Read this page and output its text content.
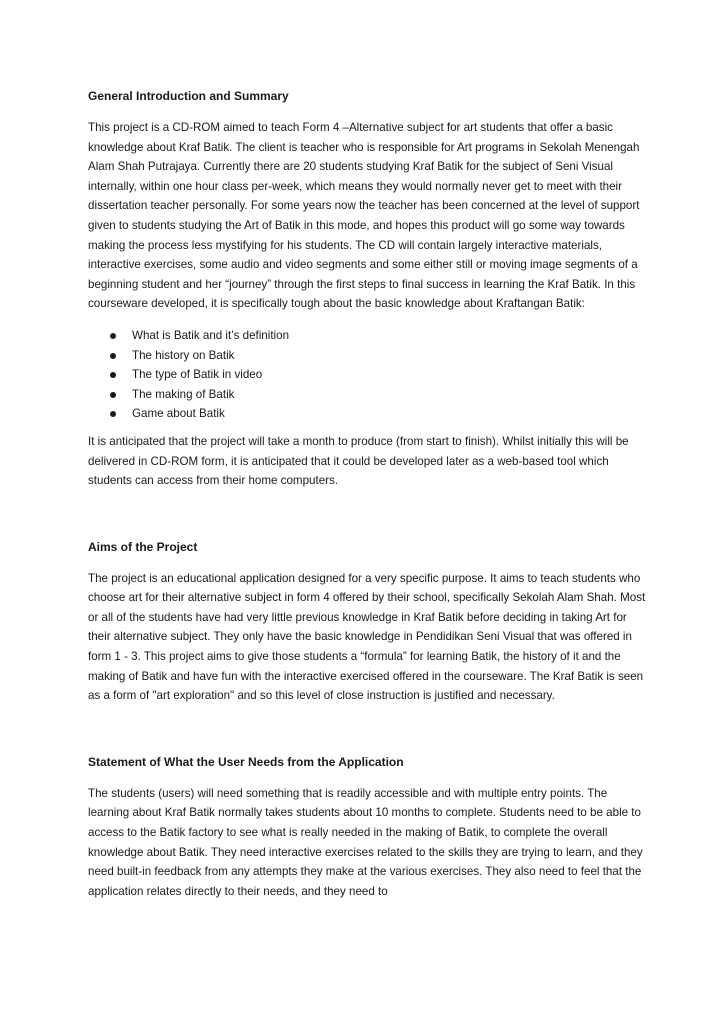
General Introduction and Summary

This project is a CD-ROM aimed to teach Form 4 –Alternative subject for art students that offer a basic knowledge about Kraf Batik. The client is teacher who is responsible for Art programs in Sekolah Menengah Alam Shah Putrajaya. Currently there are 20 students studying Kraf Batik for the subject of Seni Visual internally, within one hour class per-week, which means they would normally never get to meet with their dissertation teacher personally. For some years now the teacher has been concerned at the level of support given to students studying the Art of Batik in this mode, and hopes this product will go some way towards making the process less mystifying for his students. The CD will contain largely interactive materials, interactive exercises, some audio and video segments and some either still or moving image segments of a beginning student and her “journey” through the first steps to final success in learning the Kraf Batik. In this courseware developed, it is specifically tough about the basic knowledge about Kraftangan Batik:

What is Batik and it’s definition
The history on Batik
The type of Batik in video
The making of Batik
Game about Batik

It is anticipated that the project will take a month to produce (from start to finish). Whilst initially this will be delivered in CD-ROM form, it is anticipated that it could be developed later as a web-based tool which students can access from their home computers.

Aims of the Project

The project is an educational application designed for a very specific purpose. It aims to teach students who choose art for their alternative subject in form 4 offered by their school, specifically Sekolah Alam Shah. Most or all of the students have had very little previous knowledge in Kraf Batik before deciding in taking Art for their alternative subject. They only have the basic knowledge in Pendidikan Seni Visual that was offered in form 1 - 3. This project aims to give those students a “formula” for learning Batik, the history of it and the making of Batik and have fun with the interactive exercised offered in the courseware. The Kraf Batik is seen as a form of "art exploration" and so this level of close instruction is justified and necessary.

Statement of What the User Needs from the Application

The students (users) will need something that is readily accessible and with multiple entry points. The learning about Kraf Batik normally takes students about 10 months to complete. Students need to be able to access to the Batik factory to see what is really needed in the making of Batik, to complete the overall knowledge about Batik. They need interactive exercises related to the skills they are trying to learn, and they need built-in feedback from any attempts they make at the various exercises. They also need to feel that the application relates directly to their needs, and they need to
